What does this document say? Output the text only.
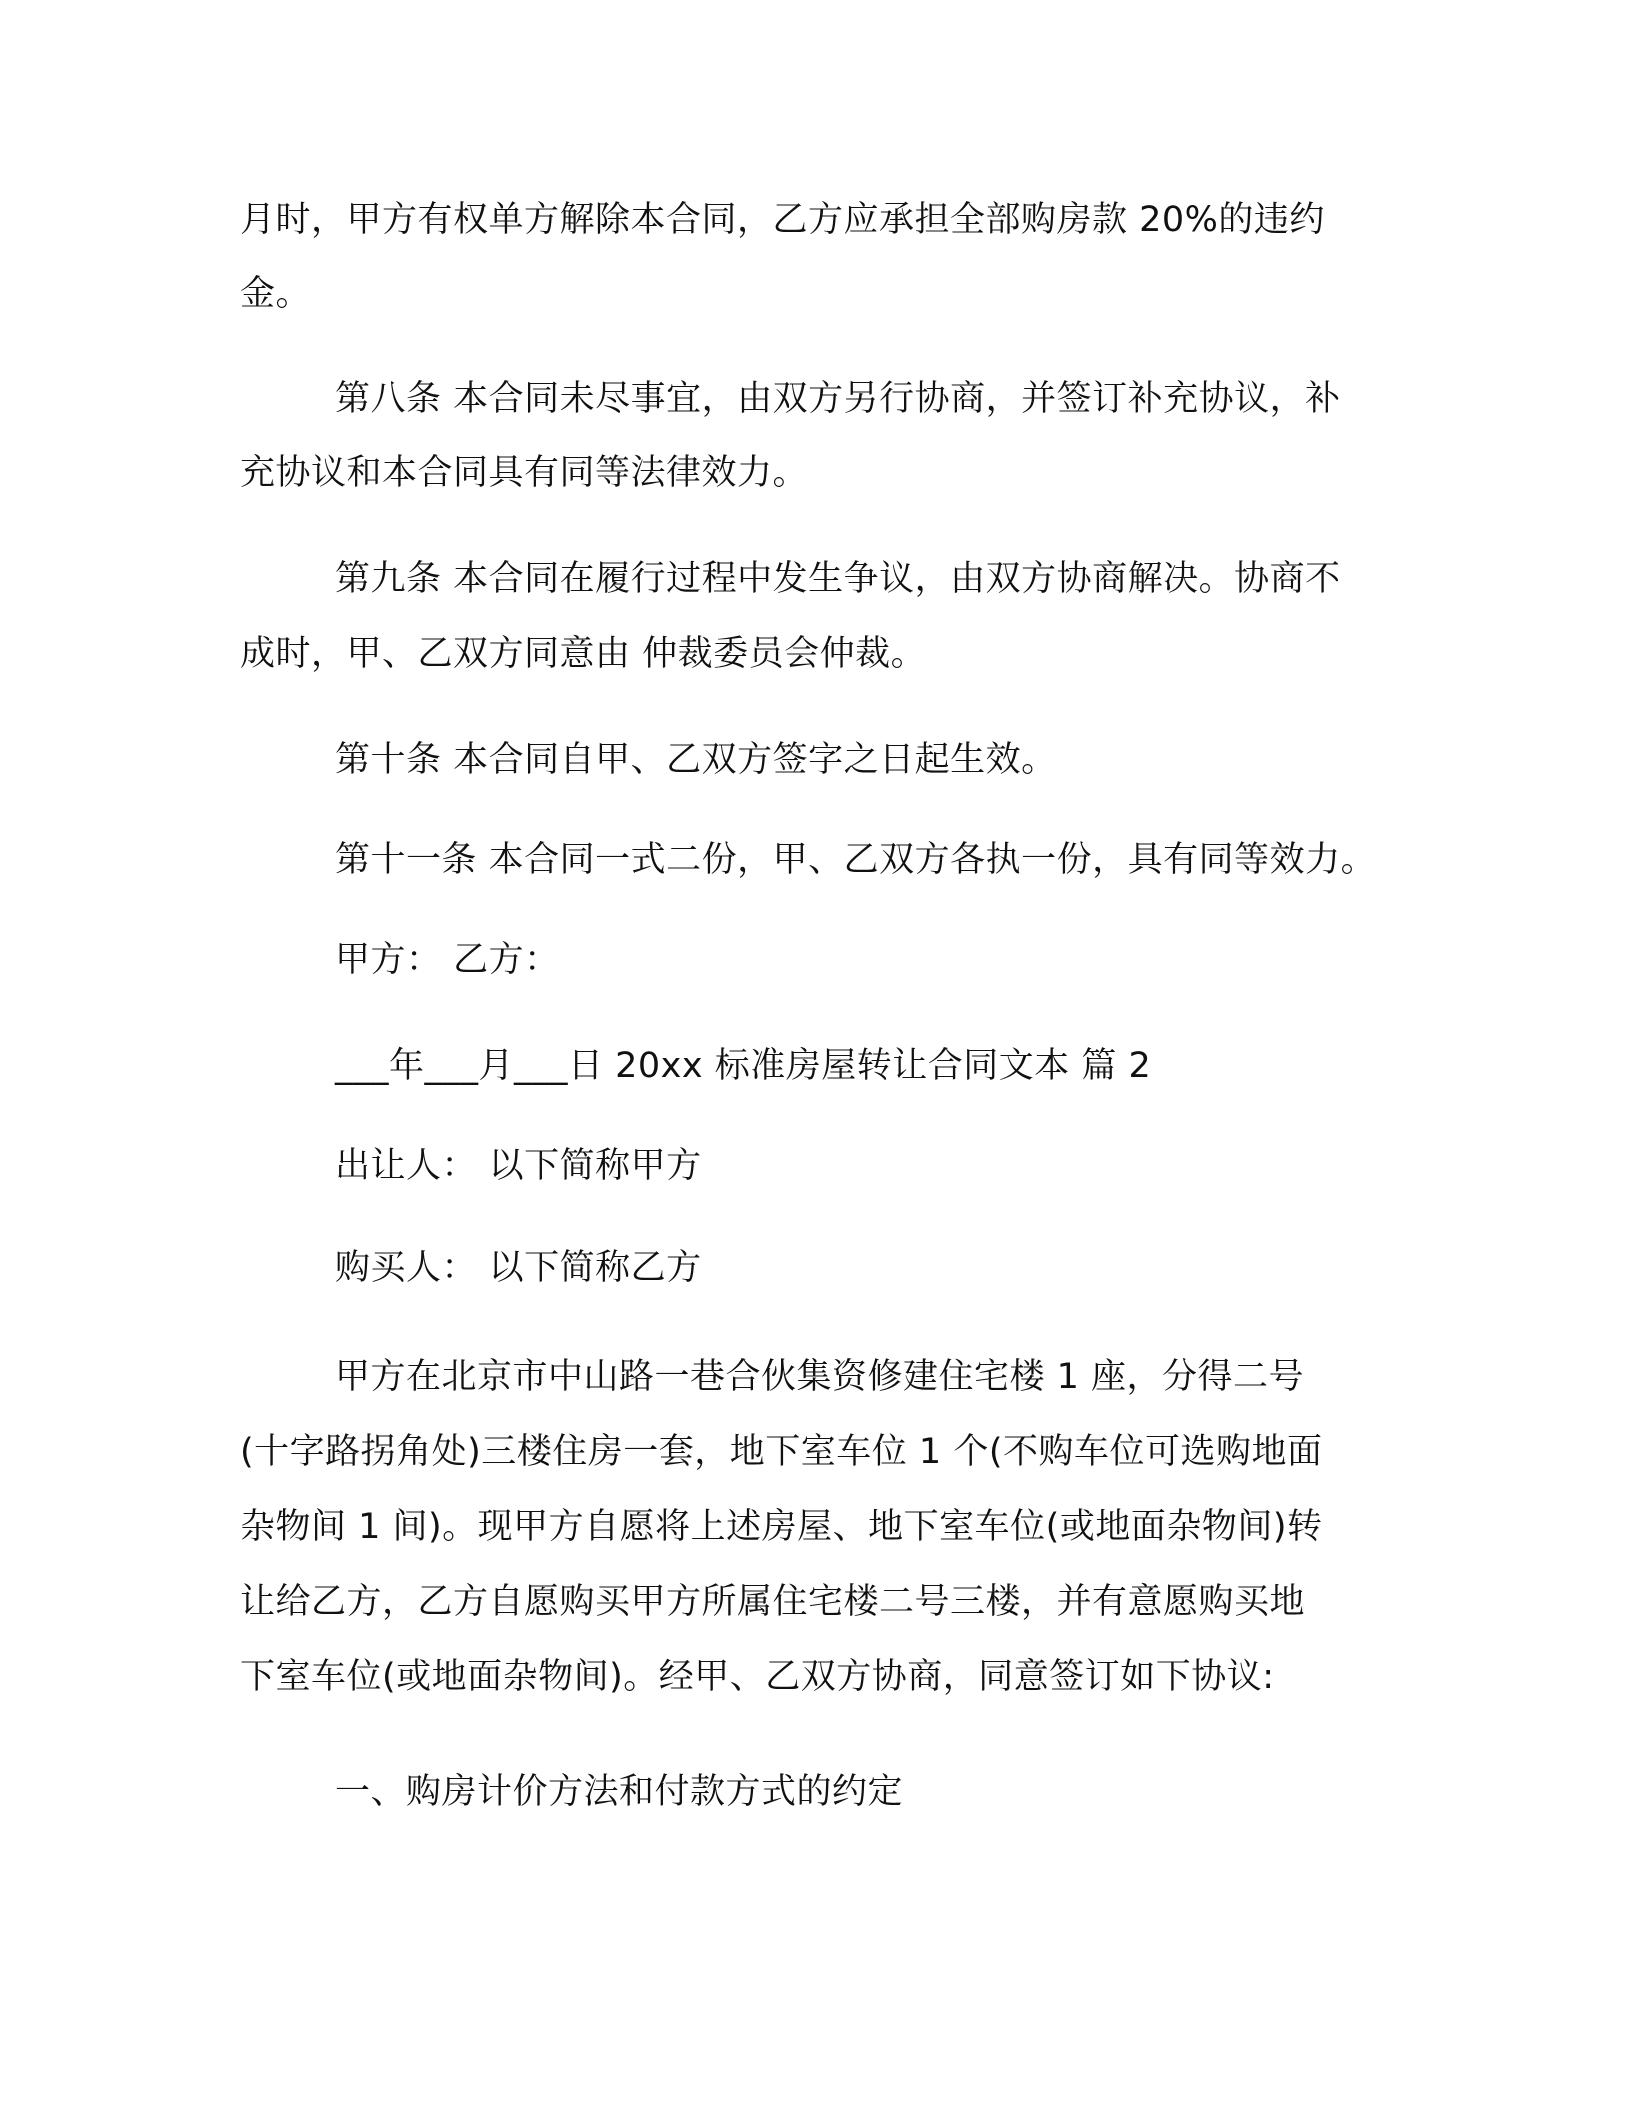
月时，甲方有权单方解除本合同，乙方应承担全部购房款 20%的违约

金。

第八条 本合同未尽事宜，由双方另行协商，并签订补充协议，补

充协议和本合同具有同等法律效力。

第九条 本合同在履行过程中发生争议，由双方协商解决。协商不

成时，甲、乙双方同意由 仲裁委员会仲裁。

第十条 本合同自甲、乙双方签字之日起生效。

第十一条 本合同一式二份，甲、乙双方各执一份，具有同等效力。

甲方： 乙方：

___年___月___日 20xx 标准房屋转让合同文本 篇 2

出让人： 以下简称甲方

购买人： 以下简称乙方

甲方在北京市中山路一巷合伙集资修建住宅楼 1 座，分得二号

(十字路拐角处)三楼住房一套，地下室车位 1 个(不购车位可选购地面

杂物间 1 间)。现甲方自愿将上述房屋、地下室车位(或地面杂物间)转

让给乙方，乙方自愿购买甲方所属住宅楼二号三楼，并有意愿购买地

下室车位(或地面杂物间)。经甲、乙双方协商，同意签订如下协议:

一、购房计价方法和付款方式的约定
